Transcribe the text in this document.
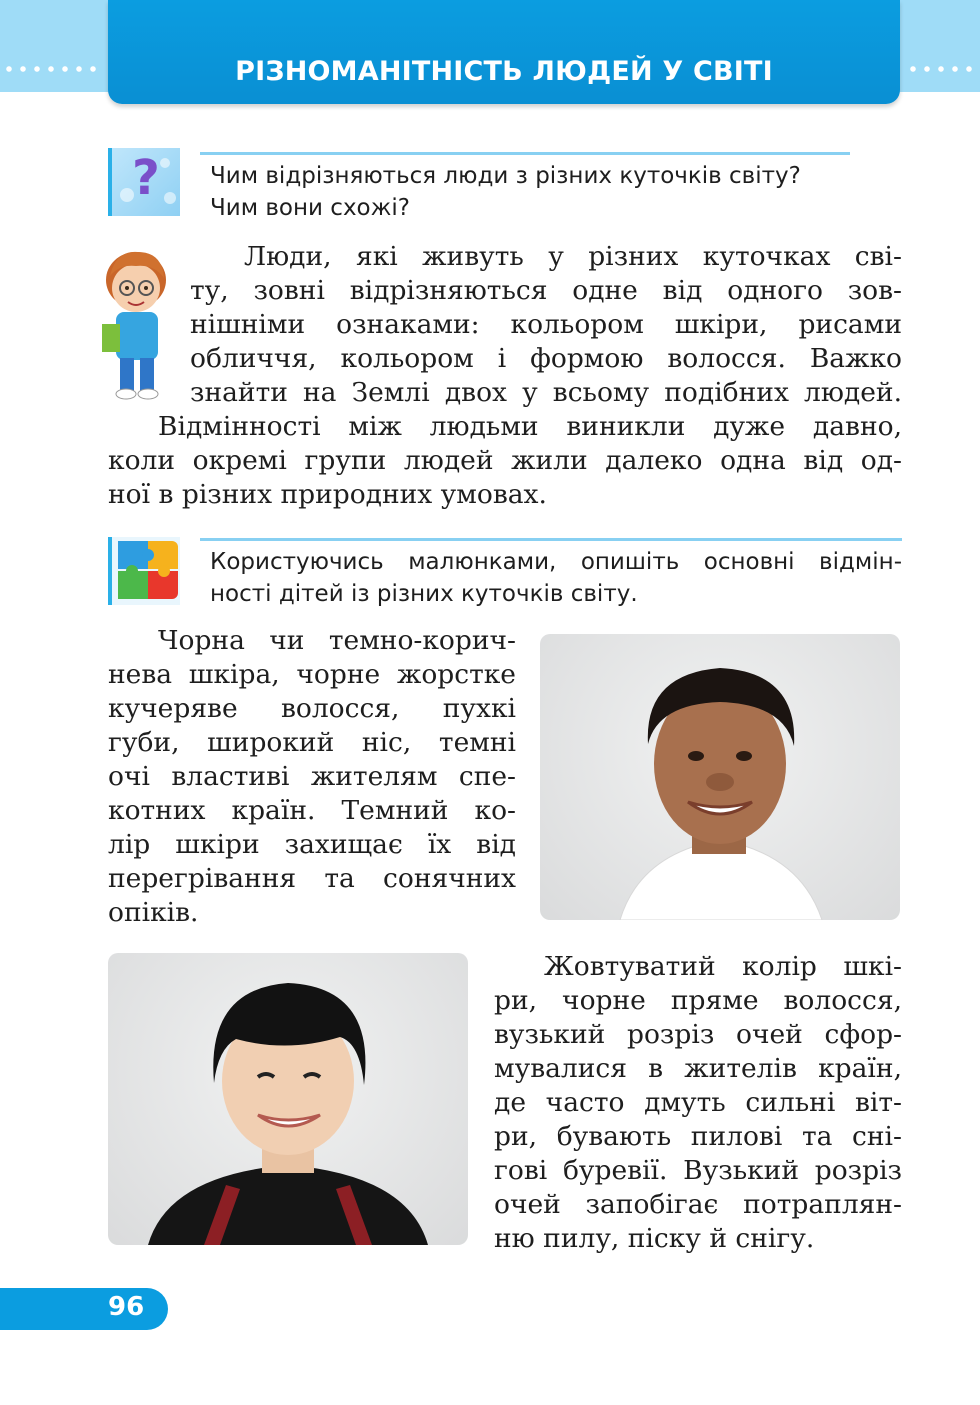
РІЗНОМАНІТНІСТЬ ЛЮДЕЙ У СВІТІ
? Чим відрізняються люди з різних куточків світу?
Чим вони схожі?
Люди, які живуть у різних куточках сві-
ту, зовні відрізняються одне від одного зов-
нішніми ознаками: кольором шкіри, рисами
обличчя, кольором і формою волосся. Важко
знайти на Землі двох у всьому подібних людей.
Відмінності між людьми виникли дуже давно,
коли окремі групи людей жили далеко одна від од-
ної в різних природних умовах.
Користуючись малюнками, опишіть основні відмін-
ності дітей із різних куточків світу.
Чорна чи темно-корич-
нева шкіра, чорне жорстке
кучеряве волосся, пухкі
губи, широкий ніс, темні
очі властиві жителям спе-
котних країн. Темний ко-
лір шкіри захищає їх від
перегрівання та сонячних
опіків.
Жовтуватий колір шкі-
ри, чорне пряме волосся,
вузький розріз очей сфор-
мувалися в жителів країн,
де часто дмуть сильні віт-
ри, бувають пилові та сні-
гові буревії. Вузький розріз
очей запобігає потраплян-
ню пилу, піску й снігу.
96
